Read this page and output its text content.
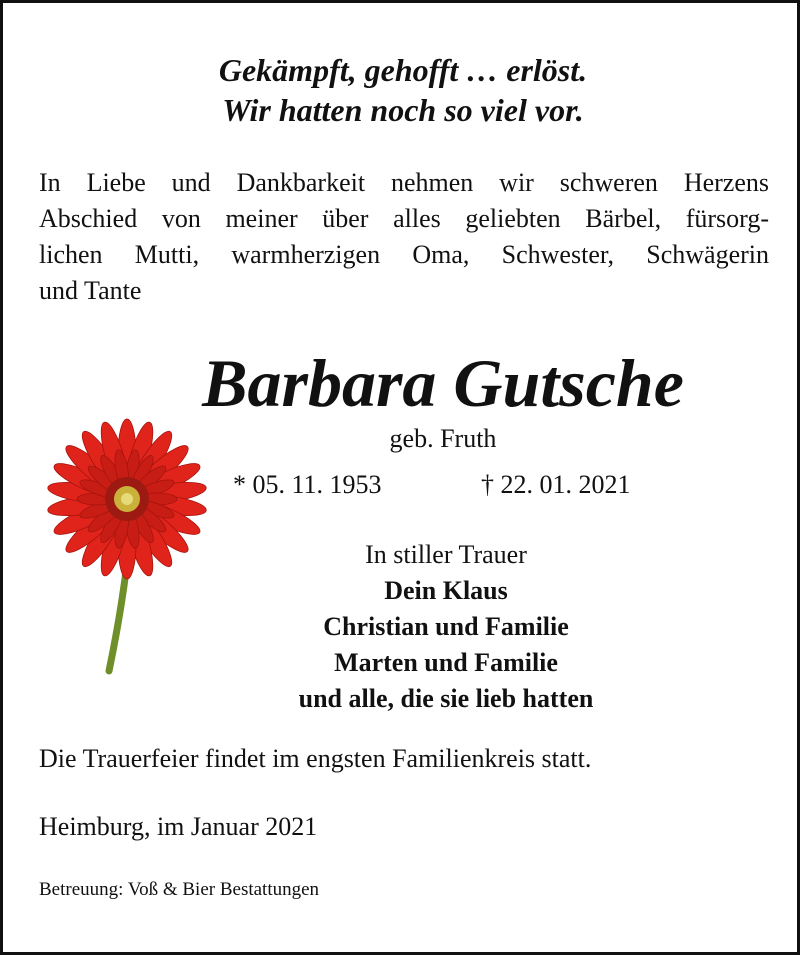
Gekämpft, gehofft … erlöst.
Wir hatten noch so viel vor.
In Liebe und Dankbarkeit nehmen wir schweren Herzens
Abschied von meiner über alles geliebten Bärbel, fürsorg-
lichen Mutti, warmherzigen Oma, Schwester, Schwägerin
und Tante
Barbara Gutsche
geb. Fruth
* 05. 11. 1953	† 22. 01. 2021
In stiller Trauer
Dein Klaus
Christian und Familie
Marten und Familie
und alle, die sie lieb hatten
Die Trauerfeier findet im engsten Familienkreis statt.
Heimburg, im Januar 2021
Betreuung: Voß & Bier Bestattungen
